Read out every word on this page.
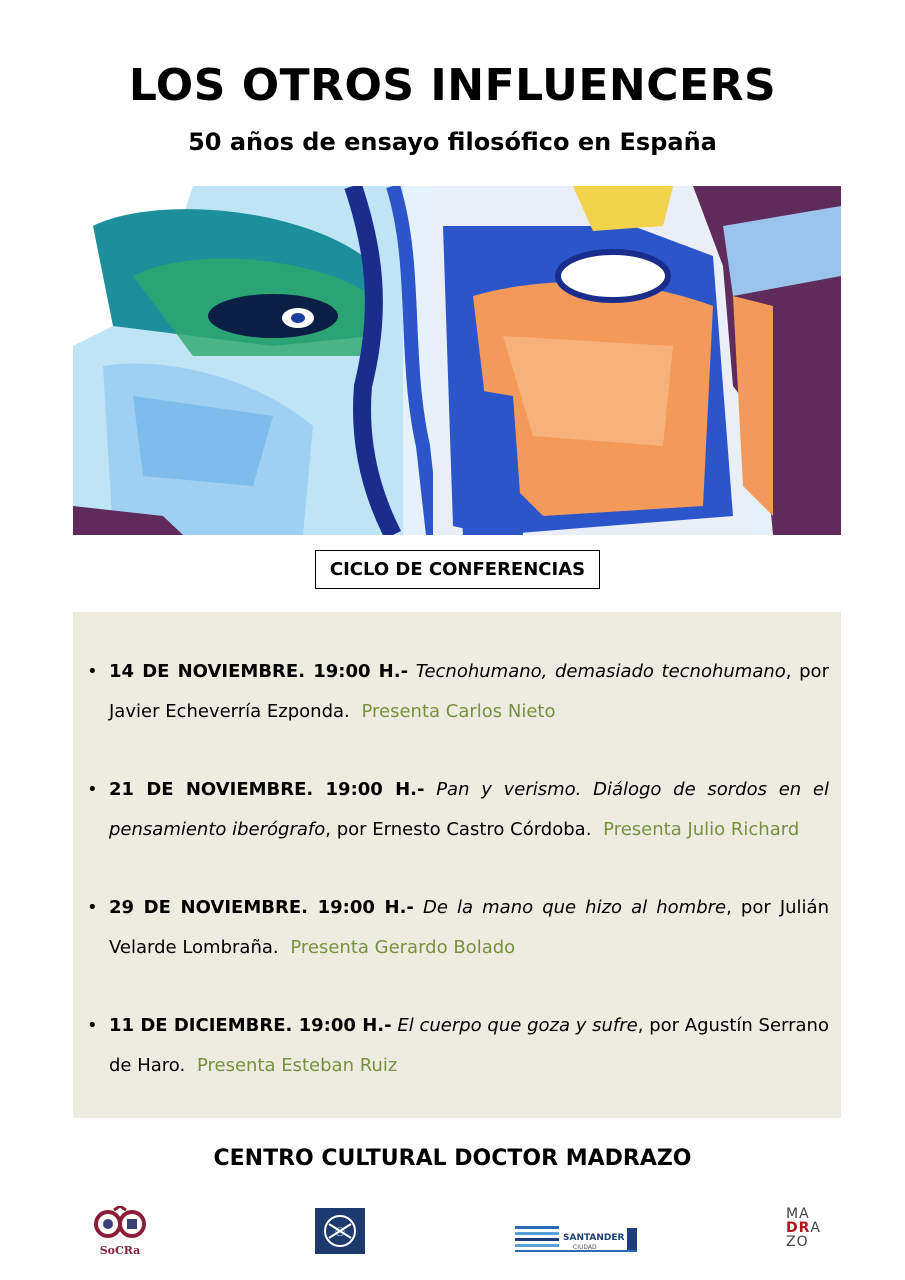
LOS OTROS INFLUENCERS
50 años de ensayo filosófico en España
CICLO DE CONFERENCIAS
• 14 DE NOVIEMBRE. 19:00 H.- Tecnohumano, demasiado tecnohumano, por Javier Echeverría Ezponda. Presenta Carlos Nieto
• 21 DE NOVIEMBRE. 19:00 H.- Pan y verismo. Diálogo de sordos en el pensamiento iberógrafo, por Ernesto Castro Córdoba. Presenta Julio Richard
• 29 DE NOVIEMBRE. 19:00 H.- De la mano que hizo al hombre, por Julián Velarde Lombraña. Presenta Gerardo Bolado
• 11 DE DICIEMBRE. 19:00 H.- El cuerpo que goza y sufre, por Agustín Serrano de Haro. Presenta Esteban Ruiz
CENTRO CULTURAL DOCTOR MADRAZO
SoCRa
☉	SANTANDER
CIUDAD
MA
DRA
ZO
